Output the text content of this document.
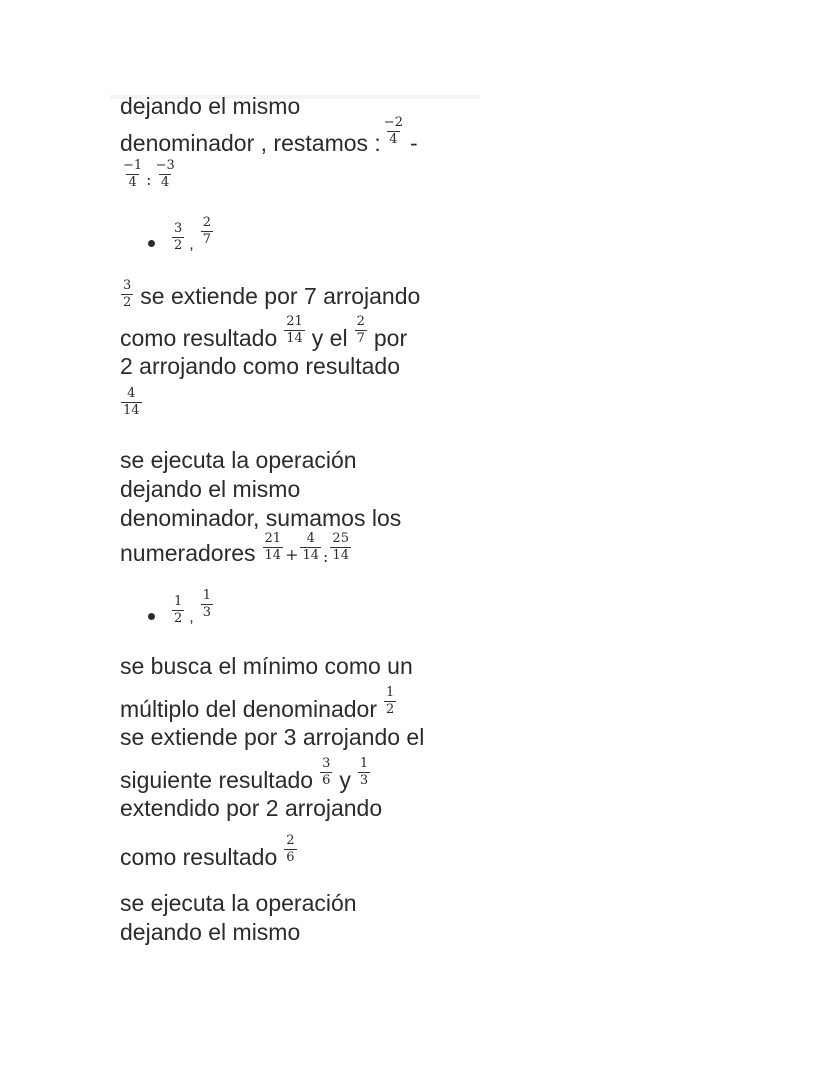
dejando el mismo

denominador , restamos : $\frac{-2}{4}$ -
$\frac{-1}{4}$ : $\frac{-3}{4}$
$\frac{3}{2}$ , $\frac{2}{7}$
$\frac{3}{2}$ se extiende por 7 arrojando
como resultado $\frac{21}{14}$ y el $\frac{2}{7}$ por

2 arrojando como resultado

$\frac{4}{14}$

se ejecuta la operación

dejando el mismo

denominador, sumamos los

numeradores $\frac{21}{14} + \frac{4}{14}$ : $\frac{25}{14}$
$\frac{1}{2}$ , $\frac{1}{3}$

se busca el mínimo como un

múltiplo del denominador $\frac{1}{2}$

se extiende por 3 arrojando el

siguiente resultado $\frac{3}{6}$ y $\frac{1}{3}$

extendido por 2 arrojando

como resultado $\frac{2}{6}$

se ejecuta la operación

dejando el mismo
